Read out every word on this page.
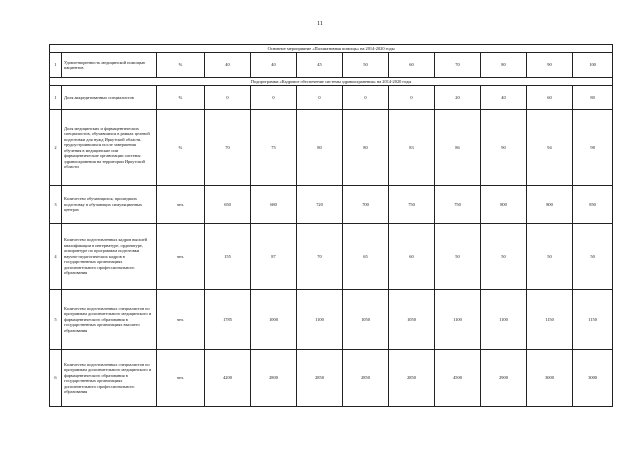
11
Основное мероприятие «Паллиативная помощь» на 2014-2020 годы											
1	Удовлетворенность медицинской помощью пациентов	%	40	40	45	50	60	70	80	90	100
Подпрограмма «Кадровое обеспечение системы здравоохранения» на 2014-2020 годы											
1	Доля аккредитованных специалистов	%	0	0	0	0	0	20	40	60	80
2	Доля медицинских и фармацевтических специалистов, обучавшихся в рамках целевой подготовки для нужд Иркутской области, трудоустроившихся после завершения обучения в медицинские или фармацевтические организации системы здравоохранения на территории Иркутской области	%	70	75	80	80	83	86	90	94	98
3	Количество обучающихся, прошедших подготовку в обучающих симуляционных центрах	чел.	650	680	720	700	750	750	800	800	850
4	Количество подготовленных кадров высшей квалификации в интернатуре, ординатуре, аспирантуре по программам подготовки научно-педагогических кадров в государственных организациях дополнительного профессионального образования	чел.	155	87	70	65	60	50	50	50	50
5	Количество подготовленных специалистов по программам дополнительного медицинского и фармацевтического образования в государственных организациях высшего образования	чел.	1785	1000	1100	1050	1050	1100	1100	1150	1150
6	Количество подготовленных специалистов по программам дополнительного медицинского и фармацевтического образования в государственных организациях дополнительного профессионального образования	чел.	4200	2800	2850	2850	2850	4500	2900	3000	3000
